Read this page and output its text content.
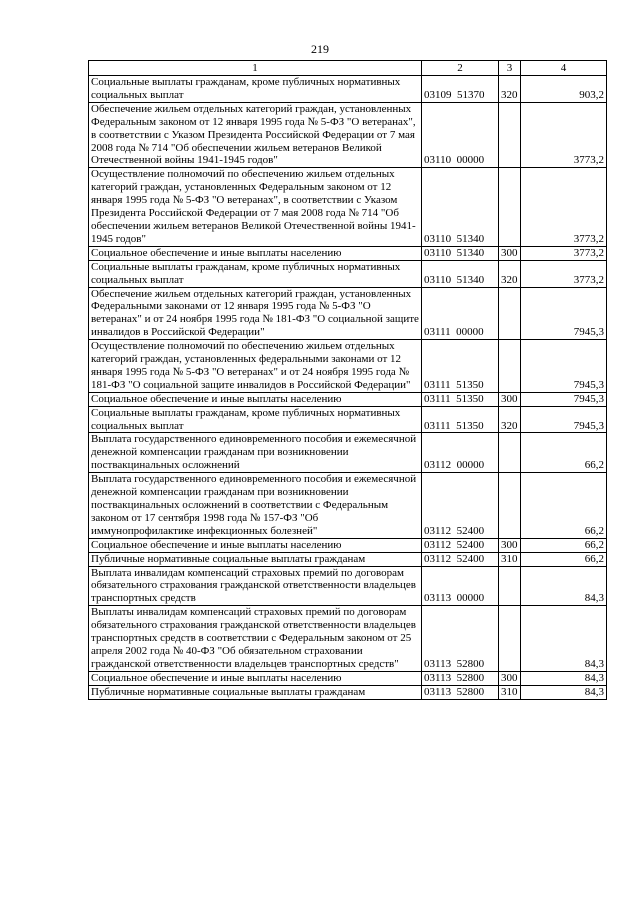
219
1	2	3	4
Социальные выплаты гражданам, кроме публичных нормативных социальных выплат	03109  51370	320	903,2
Обеспечение жильем отдельных категорий граждан, установленных Федеральным законом от 12 января 1995 года № 5-ФЗ "О ветеранах", в соответствии с Указом Президента Российской Федерации от 7 мая 2008 года № 714 "Об обеспечении жильем ветеранов Великой Отечественной войны 1941-1945 годов"	03110  00000		3773,2
Осуществление полномочий по обеспечению жильем отдельных категорий граждан, установленных Федеральным законом от 12 января 1995 года № 5-ФЗ "О ветеранах", в соответствии с Указом Президента Российской Федерации от 7 мая 2008 года № 714 "Об обеспечении жильем ветеранов Великой Отечественной войны 1941-1945 годов"	03110  51340		3773,2
Социальное обеспечение и иные выплаты населению	03110  51340	300	3773,2
Социальные выплаты гражданам, кроме публичных нормативных социальных выплат	03110  51340	320	3773,2
Обеспечение жильем отдельных категорий граждан, установленных Федеральными законами от 12 января 1995 года № 5-ФЗ "О ветеранах" и от 24 ноября 1995 года № 181-ФЗ "О социальной защите инвалидов в Российской Федерации"	03111  00000		7945,3
Осуществление полномочий по обеспечению жильем отдельных категорий граждан, установленных федеральными законами от 12 января 1995 года № 5-ФЗ "О ветеранах" и от 24 ноября 1995 года № 181-ФЗ "О социальной защите инвалидов в Российской Федерации"	03111  51350		7945,3
Социальное обеспечение и иные выплаты населению	03111  51350	300	7945,3
Социальные выплаты гражданам, кроме публичных нормативных социальных выплат	03111  51350	320	7945,3
Выплата государственного единовременного пособия и ежемесячной денежной компенсации гражданам при возникновении поствакцинальных осложнений	03112  00000		66,2
Выплата государственного единовременного пособия и ежемесячной денежной компенсации гражданам при возникновении поствакцинальных осложнений в соответствии с Федеральным законом от 17 сентября 1998 года № 157-ФЗ "Об иммунопрофилактике инфекционных болезней"	03112  52400		66,2
Социальное обеспечение и иные выплаты населению	03112  52400	300	66,2
Публичные нормативные социальные выплаты гражданам	03112  52400	310	66,2
Выплата инвалидам компенсаций страховых премий по договорам обязательного страхования гражданской ответственности владельцев транспортных средств	03113  00000		84,3
Выплаты инвалидам компенсаций страховых премий по договорам обязательного страхования гражданской ответственности владельцев транспортных средств в соответствии с Федеральным законом от 25 апреля 2002 года № 40-ФЗ "Об обязательном страховании гражданской ответственности владельцев транспортных средств"	03113  52800		84,3
Социальное обеспечение и иные выплаты населению	03113  52800	300	84,3
Публичные нормативные социальные выплаты гражданам	03113  52800	310	84,3
